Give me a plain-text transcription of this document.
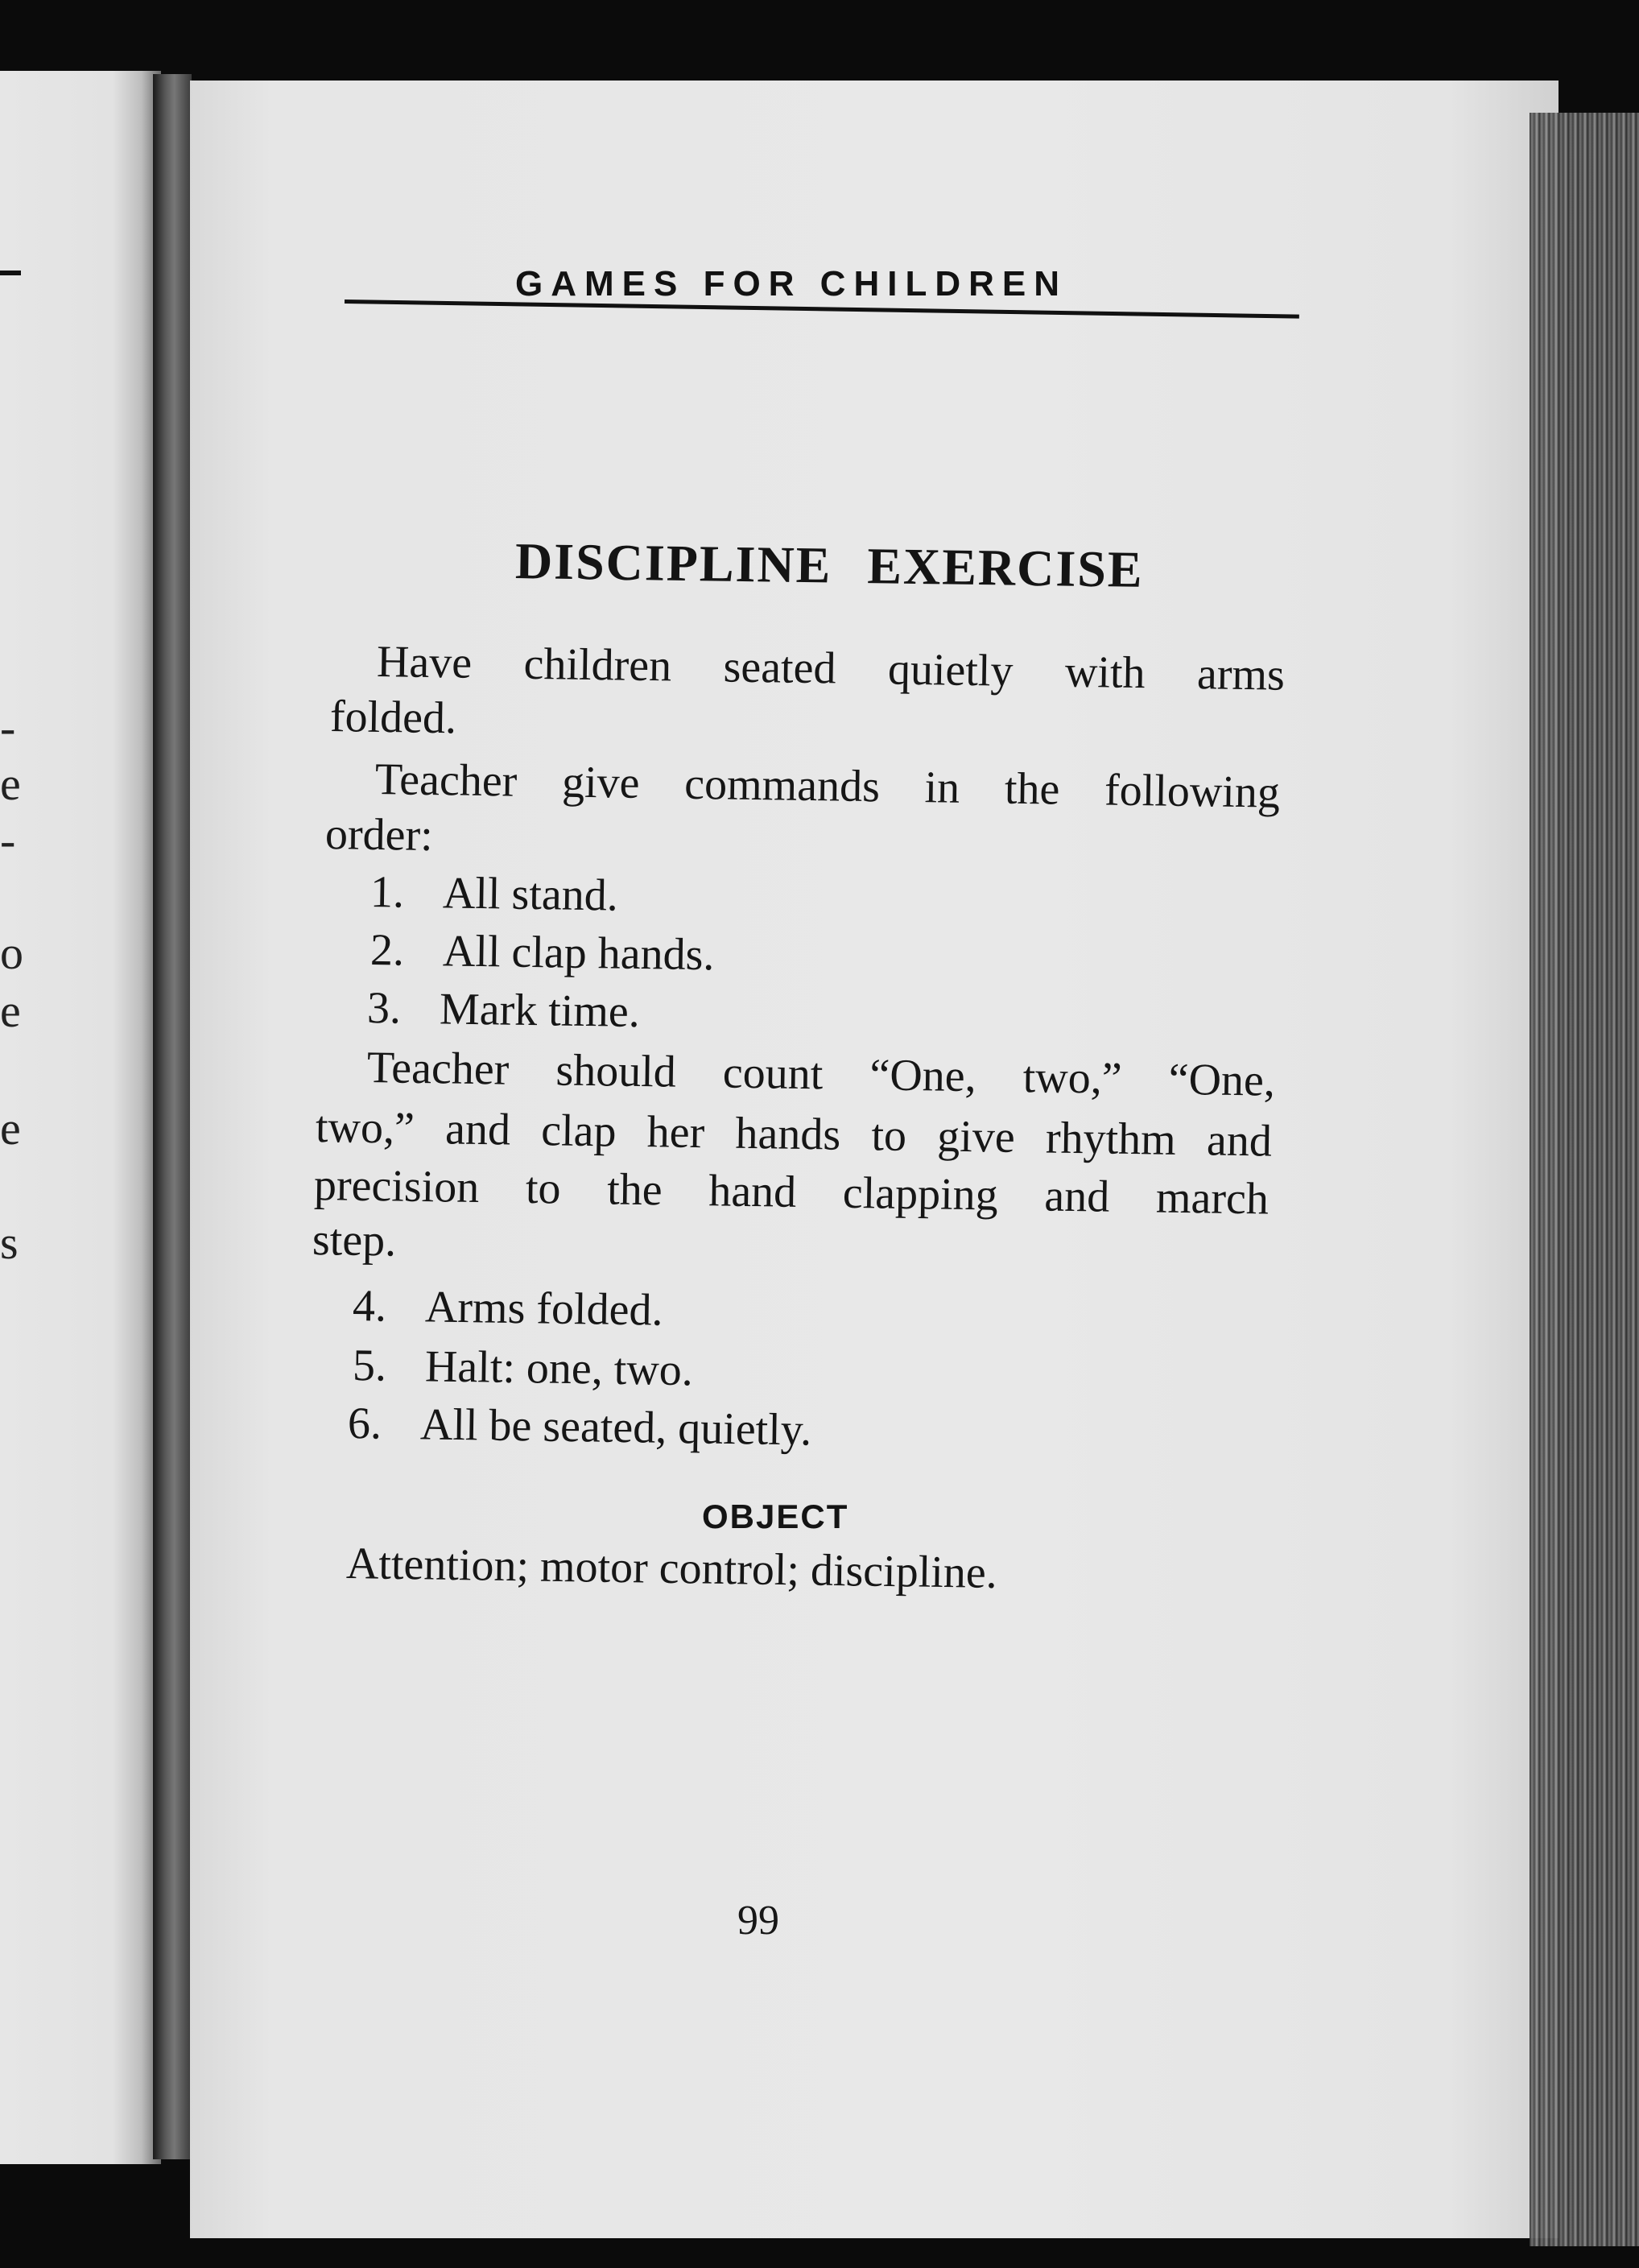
-
e
-
o
e
e
s
GAMES FOR CHILDREN
DISCIPLINE EXERCISE
Have children seated quietly with arms
folded.
Teacher give commands in the following
order:
1. All stand.
2. All clap hands.
3. Mark time.
Teacher should count “One, two,” “One,
two,” and clap her hands to give rhythm and
precision to the hand clapping and march
step.
4. Arms folded.
5. Halt: one, two.
6. All be seated, quietly.
OBJECT
Attention; motor control; discipline.
99
